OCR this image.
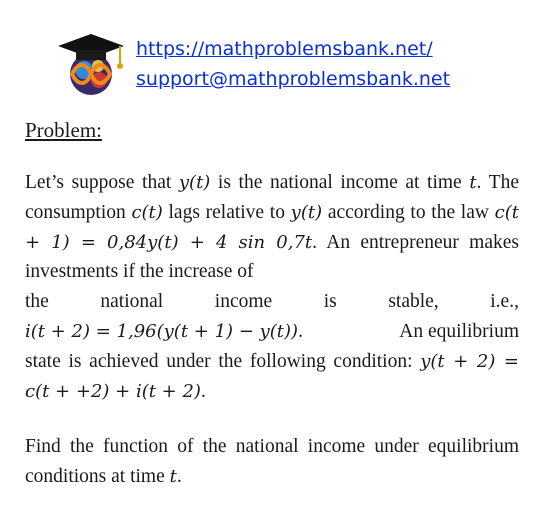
https://mathproblemsbank.net/
support@mathproblemsbank.net

Problem:

Let’s suppose that y(t) is the national income at time t. The consumption c(t) lags relative to y(t) according to the law c(t + 1) = 0,84y(t) + 4 sin 0,7t. An entrepreneur makes investments if the increase of

the	national	income	is	stable,	i.e.,
i(t + 2) = 1,96(y(t + 1) − y(t)).	An equilibrium

state is achieved under the following condition: y(t + 2) = c(t + +2) + i(t + 2).

Find the function of the national income under equilibrium conditions at time t.
